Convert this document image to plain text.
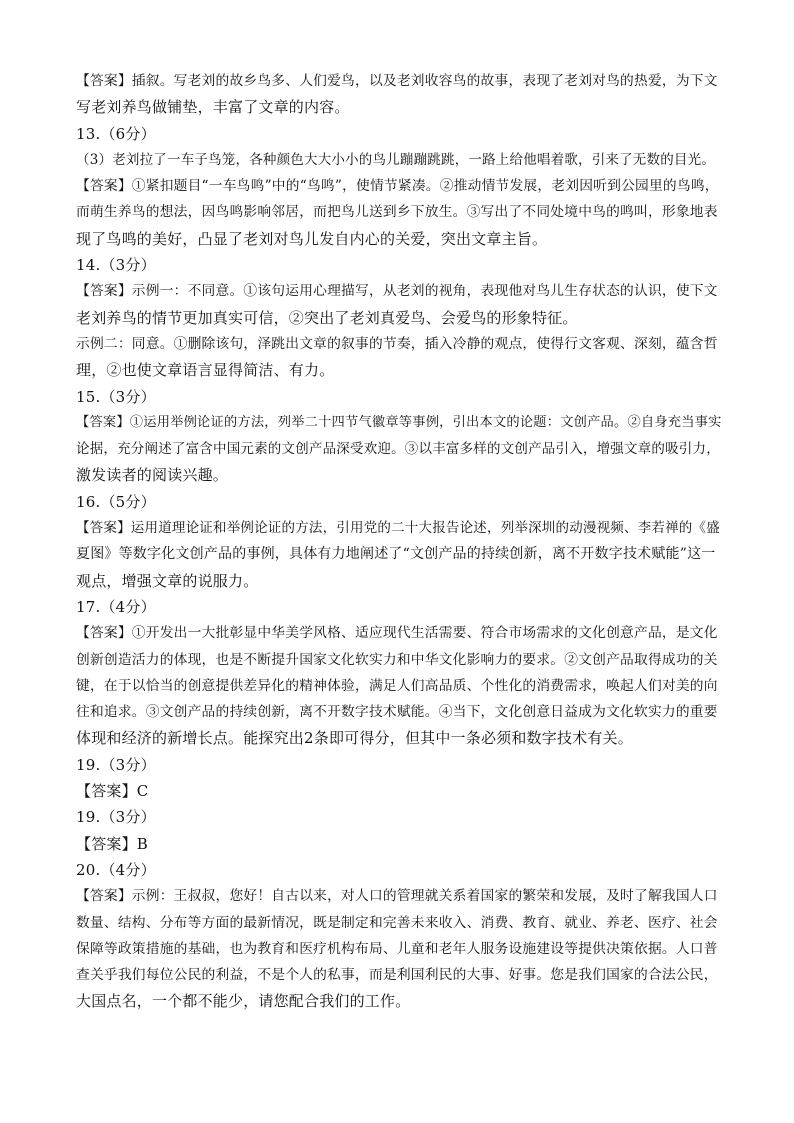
【答案】插叙。写老刘的故乡鸟多、人们爱鸟，以及老刘收容鸟的故事，表现了老刘对鸟的热爱，为下文
写老刘养鸟做铺垫，丰富了文章的内容。
13.（6分）
（3）老刘拉了一车子鸟笼，各种颜色大大小小的鸟儿蹦蹦跳跳，一路上给他唱着歌，引来了无数的目光。
【答案】①紧扣题目“一车鸟鸣”中的“鸟鸣”，使情节紧凑。②推动情节发展，老刘因听到公园里的鸟鸣，
而萌生养鸟的想法，因鸟鸣影响邻居，而把鸟儿送到乡下放生。③写出了不同处境中鸟的鸣叫，形象地表
现了鸟鸣的美好，凸显了老刘对鸟儿发自内心的关爱，突出文章主旨。
14.（3分）
【答案】示例一：不同意。①该句运用心理描写，从老刘的视角，表现他对鸟儿生存状态的认识，使下文
老刘养鸟的情节更加真实可信，②突出了老刘真爱鸟、会爱鸟的形象特征。
示例二：同意。①删除该句，泽跳出文章的叙事的节奏，插入冷静的观点，使得行文客观、深刻，蕴含哲
理，②也使文章语言显得简洁、有力。
15.（3分）
【答案】①运用举例论证的方法，列举二十四节气徽章等事例，引出本文的论题：文创产品。②自身充当事实
论据，充分阐述了富含中国元素的文创产品深受欢迎。③以丰富多样的文创产品引入，增强文章的吸引力，
激发读者的阅读兴趣。
16.（5分）
【答案】运用道理论证和举例论证的方法，引用党的二十大报告论述，列举深圳的动漫视频、李若禅的《盛
夏图》等数字化文创产品的事例，具体有力地阐述了“文创产品的持续创新，离不开数字技术赋能”这一
观点，增强文章的说服力。
17.（4分）
【答案】①开发出一大批彰显中华美学风格、适应现代生活需要、符合市场需求的文化创意产品，是文化
创新创造活力的体现，也是不断提升国家文化软实力和中华文化影响力的要求。②文创产品取得成功的关
键，在于以恰当的创意提供差异化的精神体验，满足人们高品质、个性化的消费需求，唤起人们对美的向
往和追求。③文创产品的持续创新，离不开数字技术赋能。④当下，文化创意日益成为文化软实力的重要
体现和经济的新增长点。能探究出2条即可得分，但其中一条必须和数字技术有关。
19.（3分）
【答案】C
19.（3分）
【答案】B
20.（4分）
【答案】示例：王叔叔，您好！自古以来，对人口的管理就关系着国家的繁荣和发展，及时了解我国人口
数量、结构、分布等方面的最新情况，既是制定和完善未来收入、消费、教育、就业、养老、医疗、社会
保障等政策措施的基础，也为教育和医疗机构布局、儿童和老年人服务设施建设等提供决策依据。人口普
查关乎我们每位公民的利益，不是个人的私事，而是利国利民的大事、好事。您是我们国家的合法公民，
大国点名，一个都不能少，请您配合我们的工作。
